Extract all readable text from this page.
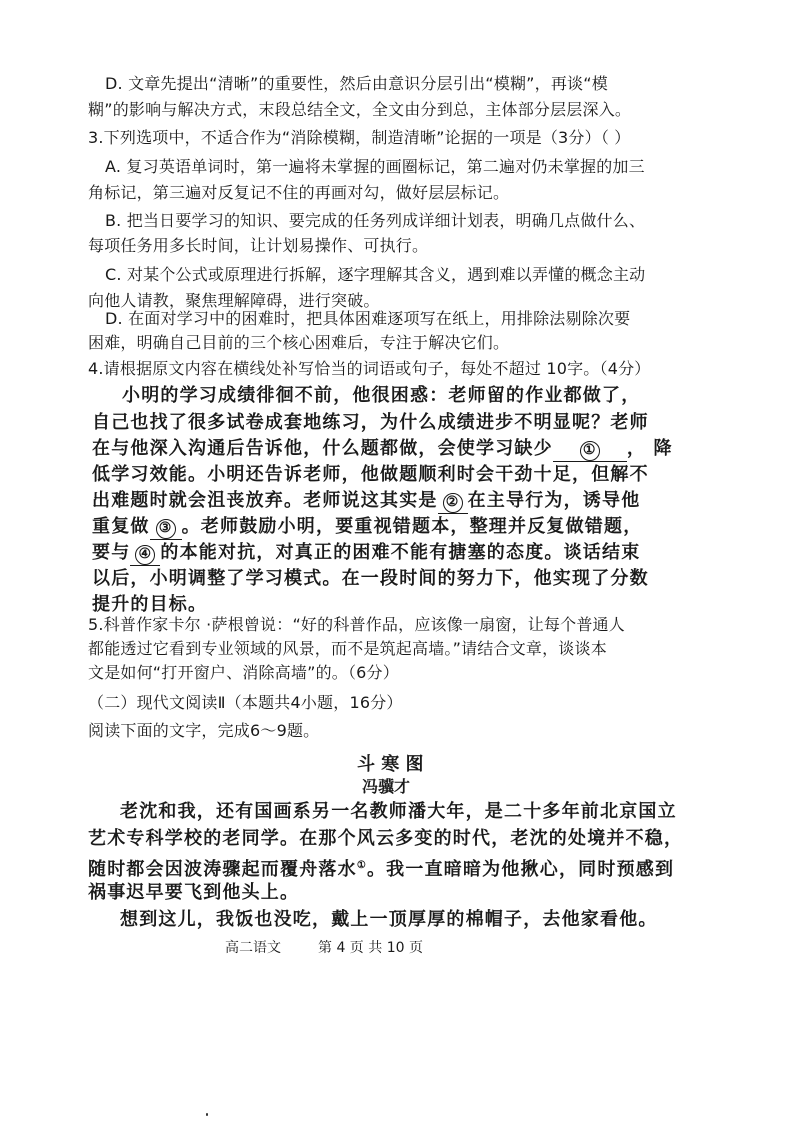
D. 文章先提出“清晰”的重要性，然后由意识分层引出“模糊”，再谈“模
糊”的影响与解决方式，末段总结全文，全文由分到总，主体部分层层深入。
3.下列选项中，不适合作为“消除模糊，制造清晰”论据的一项是（3分）（ ）
A. 复习英语单词时，第一遍将未掌握的画圈标记，第二遍对仍未掌握的加三
角标记，第三遍对反复记不住的再画对勾，做好层层标记。
B. 把当日要学习的知识、要完成的任务列成详细计划表，明确几点做什么、
每项任务用多长时间，让计划易操作、可执行。
C. 对某个公式或原理进行拆解，逐字理解其含义，遇到难以弄懂的概念主动
向他人请教，聚焦理解障碍，进行突破。
D. 在面对学习中的困难时，把具体困难逐项写在纸上，用排除法剔除次要
困难，明确自己目前的三个核心困难后，专注于解决它们。
4.请根据原文内容在横线处补写恰当的词语或句子，每处不超过 10字。（4分）
小明的学习成绩徘徊不前，他很困惑：老师留的作业都做了，
自己也找了很多试卷成套地练习，为什么成绩进步不明显呢？老师
在与他深入沟通后告诉他，什么题都做，会使学习缺少 ① ， 降
低学习效能。小明还告诉老师，他做题顺利时会干劲十足，但解不
出难题时就会沮丧放弃。老师说这其实是 ② 在主导行为，诱导他
重复做 ③ 。老师鼓励小明，要重视错题本，整理并反复做错题，
要与 ④ 的本能对抗，对真正的困难不能有搪塞的态度。谈话结束
以后，小明调整了学习模式。在一段时间的努力下，他实现了分数
提升的目标。
5.科普作家卡尔 ·萨根曾说：“好的科普作品，应该像一扇窗，让每个普通人
都能透过它看到专业领域的风景，而不是筑起高墙。”请结合文章，谈谈本
文是如何“打开窗户、消除高墙”的。（6分）
（二）现代文阅读Ⅱ（本题共4小题，16分）
阅读下面的文字，完成6～9题。
斗 寒 图
冯骥才
老沈和我，还有国画系另一名教师潘大年，是二十多年前北京国立
艺术专科学校的老同学。在那个风云多变的时代，老沈的处境并不稳，
随时都会因波涛骤起而覆舟落水①。我一直暗暗为他揪心，同时预感到
祸事迟早要飞到他头上。
想到这儿，我饭也没吃，戴上一顶厚厚的棉帽子，去他家看他。
高二语文	第 4 页 共 10 页
